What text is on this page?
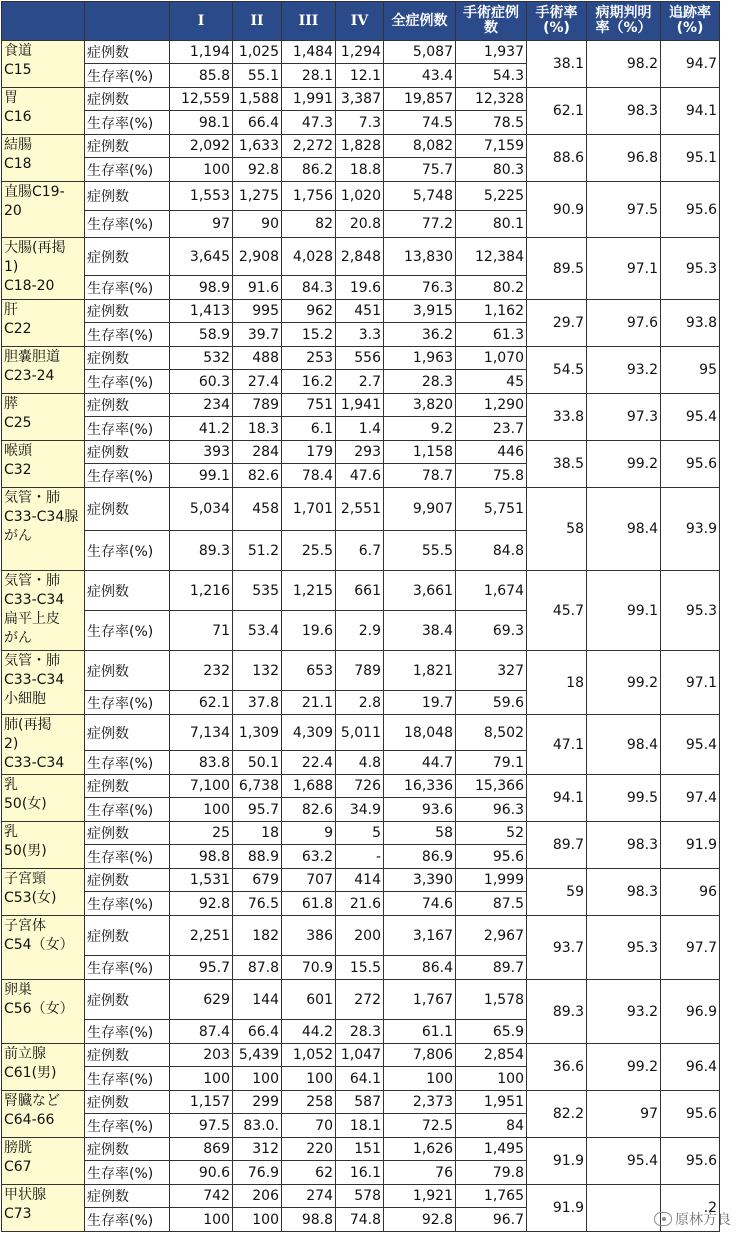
		I	II	III	IV	全症例数	手術症例数	手術率(%)	病期判明率（%）	追跡率(%)
食道
C15	症例数	1,194	1,025	1,484	1,294	5,087	1,937	38.1	98.2	94.7
	生存率(%)	85.8	55.1	28.1	12.1	43.4	54.3			
胃
C16	症例数	12,559	1,588	1,991	3,387	19,857	12,328	62.1	98.3	94.1
	生存率(%)	98.1	66.4	47.3	7.3	74.5	78.5			
結腸
C18	症例数	2,092	1,633	2,272	1,828	8,082	7,159	88.6	96.8	95.1
	生存率(%)	100	92.8	86.2	18.8	75.7	80.3			
直腸C19-
20	症例数	1,553	1,275	1,756	1,020	5,748	5,225	90.9	97.5	95.6
	生存率(%)	97	90	82	20.8	77.2	80.1			
大腸(再掲
1)
C18-20	症例数	3,645	2,908	4,028	2,848	13,830	12,384	89.5	97.1	95.3
	生存率(%)	98.9	91.6	84.3	19.6	76.3	80.2			
肝
C22	症例数	1,413	995	962	451	3,915	1,162	29.7	97.6	93.8
	生存率(%)	58.9	39.7	15.2	3.3	36.2	61.3			
胆嚢胆道
C23-24	症例数	532	488	253	556	1,963	1,070	54.5	93.2	95
	生存率(%)	60.3	27.4	16.2	2.7	28.3	45			
膵
C25	症例数	234	789	751	1,941	3,820	1,290	33.8	97.3	95.4
	生存率(%)	41.2	18.3	6.1	1.4	9.2	23.7			
喉頭
C32	症例数	393	284	179	293	1,158	446	38.5	99.2	95.6
	生存率(%)	99.1	82.6	78.4	47.6	78.7	75.8			
気管・肺
C33-C34腺
がん	症例数	5,034	458	1,701	2,551	9,907	5,751	58	98.4	93.9
	生存率(%)	89.3	51.2	25.5	6.7	55.5	84.8			
気管・肺
C33-C34
扁平上皮
がん	症例数	1,216	535	1,215	661	3,661	1,674	45.7	99.1	95.3
	生存率(%)	71	53.4	19.6	2.9	38.4	69.3			
気管・肺
C33-C34
小細胞	症例数	232	132	653	789	1,821	327	18	99.2	97.1
	生存率(%)	62.1	37.8	21.1	2.8	19.7	59.6			
肺(再掲
2)
C33-C34	症例数	7,134	1,309	4,309	5,011	18,048	8,502	47.1	98.4	95.4
	生存率(%)	83.8	50.1	22.4	4.8	44.7	79.1			
乳
50(女)	症例数	7,100	6,738	1,688	726	16,336	15,366	94.1	99.5	97.4
	生存率(%)	100	95.7	82.6	34.9	93.6	96.3			
乳
50(男)	症例数	25	18	9	5	58	52	89.7	98.3	91.9
	生存率(%)	98.8	88.9	63.2	-	86.9	95.6			
子宮頸
C53(女)	症例数	1,531	679	707	414	3,390	1,999	59	98.3	96
	生存率(%)	92.8	76.5	61.8	21.6	74.6	87.5			
子宮体
C54（女）	症例数	2,251	182	386	200	3,167	2,967	93.7	95.3	97.7
	生存率(%)	95.7	87.8	70.9	15.5	86.4	89.7			
卵巣
C56（女）	症例数	629	144	601	272	1,767	1,578	89.3	93.2	96.9
	生存率(%)	87.4	66.4	44.2	28.3	61.1	65.9			
前立腺
C61(男)	症例数	203	5,439	1,052	1,047	7,806	2,854	36.6	99.2	96.4
	生存率(%)	100	100	100	64.1	100	100			
腎臓など
C64-66	症例数	1,157	299	258	587	2,373	1,951	82.2	97	95.6
	生存率(%)	97.5	83.0.	70	18.1	72.5	84			
膀胱
C67	症例数	869	312	220	151	1,626	1,495	91.9	95.4	95.6
	生存率(%)	90.6	76.9	62	16.1	76	79.8			
甲状腺
C73	症例数	742	206	274	578	1,921	1,765	91.9		.2
	生存率(%)	100	100	98.8	74.8	92.8	96.7				原林方良
